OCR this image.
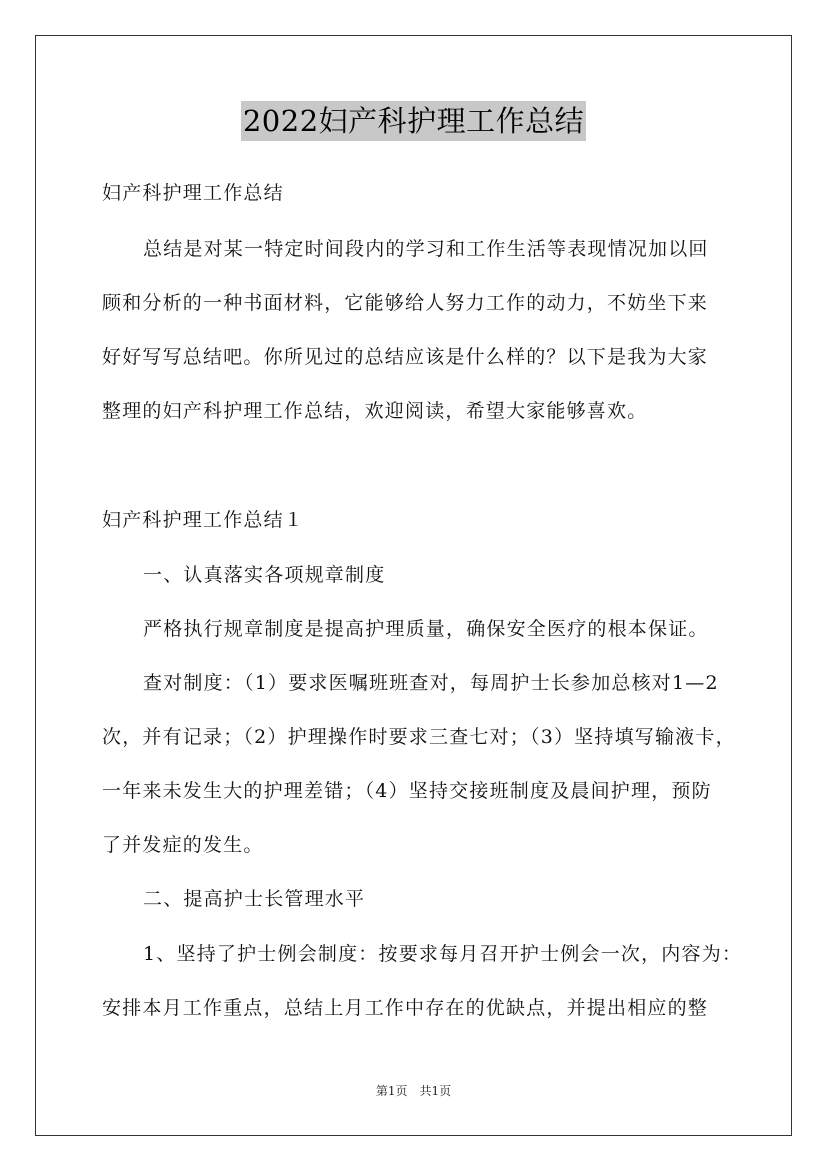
2022妇产科护理工作总结
妇产科护理工作总结
总结是对某一特定时间段内的学习和工作生活等表现情况加以回
顾和分析的一种书面材料，它能够给人努力工作的动力，不妨坐下来
好好写写总结吧。你所见过的总结应该是什么样的？以下是我为大家
整理的妇产科护理工作总结，欢迎阅读，希望大家能够喜欢。
妇产科护理工作总结１
一、认真落实各项规章制度
严格执行规章制度是提高护理质量，确保安全医疗的根本保证。
查对制度：（1）要求医嘱班班查对，每周护士长参加总核对1—2
次，并有记录；（2）护理操作时要求三查七对；（3）坚持填写输液卡，
一年来未发生大的护理差错；（4）坚持交接班制度及晨间护理，预防
了并发症的发生。
二、提高护士长管理水平
1、坚持了护士例会制度：按要求每月召开护士例会一次，内容为：
安排本月工作重点，总结上月工作中存在的优缺点，并提出相应的整
第1页　共1页
